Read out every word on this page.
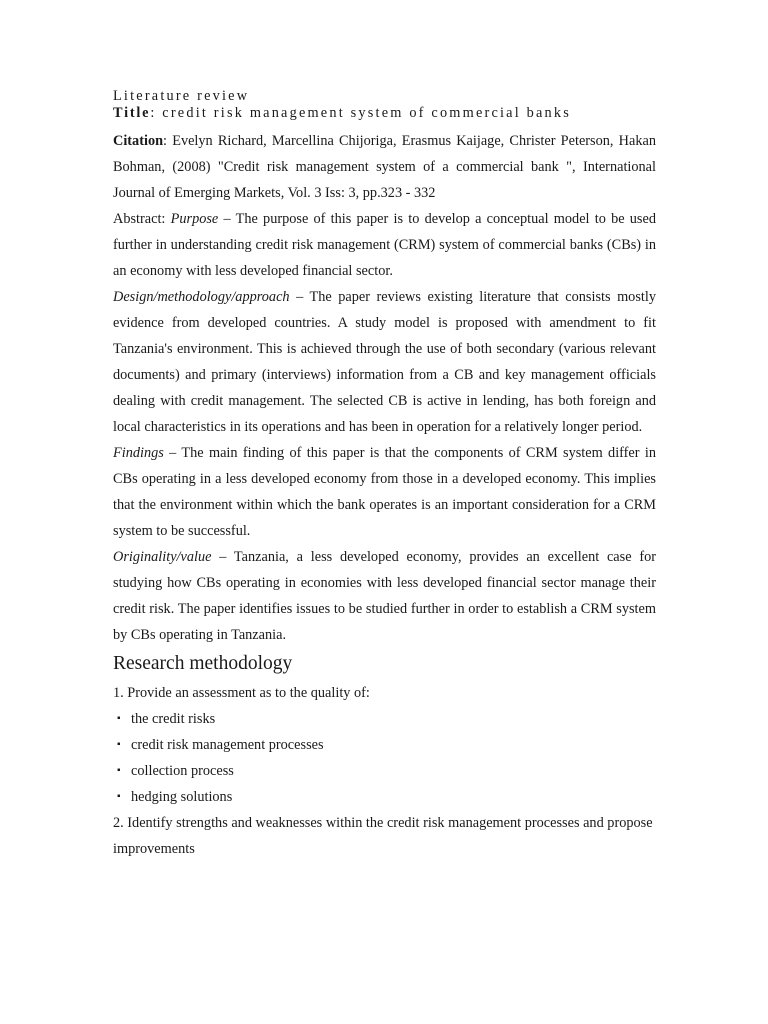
Literature review

Title: credit risk management system of commercial banks

Citation: Evelyn Richard, Marcellina Chijoriga, Erasmus Kaijage, Christer Peterson, Hakan Bohman, (2008) "Credit risk management system of a commercial bank ", International Journal of Emerging Markets, Vol. 3 Iss: 3, pp.323 - 332

Abstract: Purpose – The purpose of this paper is to develop a conceptual model to be used further in understanding credit risk management (CRM) system of commercial banks (CBs) in an economy with less developed financial sector.

Design/methodology/approach – The paper reviews existing literature that consists mostly evidence from developed countries. A study model is proposed with amendment to fit Tanzania's environment. This is achieved through the use of both secondary (various relevant documents) and primary (interviews) information from a CB and key management officials dealing with credit management. The selected CB is active in lending, has both foreign and local characteristics in its operations and has been in operation for a relatively longer period.

Findings – The main finding of this paper is that the components of CRM system differ in CBs operating in a less developed economy from those in a developed economy. This implies that the environment within which the bank operates is an important consideration for a CRM system to be successful.

Originality/value – Tanzania, a less developed economy, provides an excellent case for studying how CBs operating in economies with less developed financial sector manage their credit risk. The paper identifies issues to be studied further in order to establish a CRM system by CBs operating in Tanzania.

Research methodology

1. Provide an assessment as to the quality of:

▪ the credit risks
▪ credit risk management processes
▪ collection process
▪ hedging solutions

2. Identify strengths and weaknesses within the credit risk management processes and propose improvements
